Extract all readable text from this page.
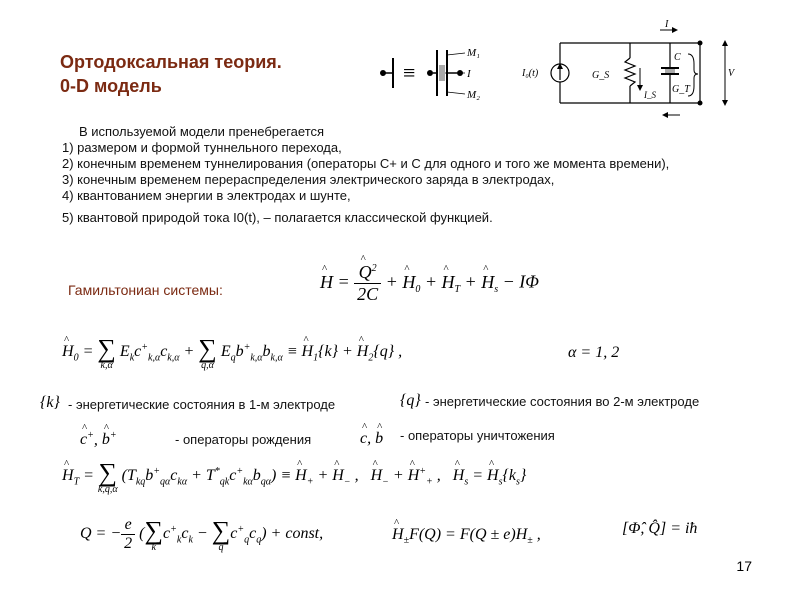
Ортодоксальная теория.
0-D модель
≡
M₁
I
M₂
I₀(t)	G_S
I_S
C
G_T
I
V
В используемой модели пренебрегается
1) размером и формой туннельного перехода,
2) конечным временем туннелирования (операторы C+ и C для одного и того же момента времени),
3) конечным временем перераспределения электрического заряда в электродах,
4) квантованием энергии в электродах и шунте,
5) квантовой природой тока I0(t), – полагается классической функцией.
Гамильтониан системы:	^ H = ^ $\frac{Q^2}{2C}$ + ^ $H_0$ + ^ $H_T$ + ^ $H_s - I\Phi$
^ $H_0$ = ∑
k,α
$E_kc^+_{k,\alpha}c_{k,\alpha}$ + ∑
q,α
$E_qb^+_{k,\alpha}b_{k,\alpha}$ ≡ ^ $H_1\{k\}$ + ^ $H_2\{q\}$ ,	α = 1, 2
{k} - энергетические состояния в 1-м электроде	{q} - энергетические состояния во 2-м электроде
^ c+, ^ b+	- операторы рождения	^ c, ^ b - операторы уничтожения
^ $H_T$ = ∑
k,q,α
$(T_{kq}b^+_{q\alpha}c_{k\alpha} + T^*_{qk}c^+_{k\alpha}b_{q\alpha})$ ≡ ^ $H_+$ + ^ $H_-$ ,   ^ $H_-$ + ^ $H^+_+$ ,   ^ $H_s$ = ^ $H_s\{k_s\}$
Q = − $\frac{e}{2}$ (∑
k
$c^+_kc_k$ − ∑
q
$c^+_qc_q$) + const,	^ $H_\pm F(Q) = F(Q \pm e)H_\pm$ ,	[Φ̂, Q̂] = iħ
17
